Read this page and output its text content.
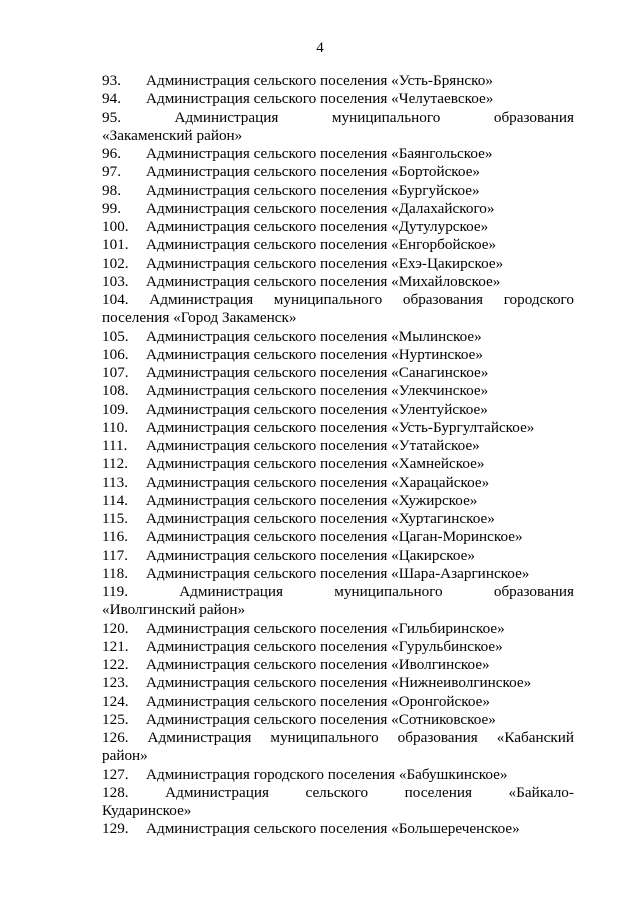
4
93. Администрация сельского поселения «Усть-Брянско»
94. Администрация сельского поселения «Челутаевское»
95.	Администрация	муниципального	образования
«Закаменский район»
96. Администрация сельского поселения «Баянгольское»
97. Администрация сельского поселения «Бортойское»
98. Администрация сельского поселения «Бургуйское»
99. Администрация сельского поселения «Далахайского»
100. Администрация сельского поселения «Дутулурское»
101. Администрация сельского поселения «Енгорбойское»
102. Администрация сельского поселения «Ехэ-Цакирское»
103. Администрация сельского поселения «Михайловское»
104. Администрация муниципального образования городского
поселения «Город Закаменск»
105. Администрация сельского поселения «Мылинское»
106. Администрация сельского поселения «Нуртинское»
107. Администрация сельского поселения «Санагинское»
108. Администрация сельского поселения «Улекчинское»
109. Администрация сельского поселения «Улентуйское»
110. Администрация сельского поселения «Усть-Бургултайское»
111. Администрация сельского поселения «Утатайское»
112. Администрация сельского поселения «Хамнейское»
113. Администрация сельского поселения «Харацайское»
114. Администрация сельского поселения «Хужирское»
115. Администрация сельского поселения «Хуртагинское»
116. Администрация сельского поселения «Цаган-Моринское»
117. Администрация сельского поселения «Цакирское»
118. Администрация сельского поселения «Шара-Азаргинское»
119.	Администрация	муниципального	образования
«Иволгинский район»
120. Администрация сельского поселения «Гильбиринское»
121. Администрация сельского поселения «Гурульбинское»
122. Администрация сельского поселения «Иволгинское»
123. Администрация сельского поселения «Нижнеиволгинское»
124. Администрация сельского поселения «Оронгойское»
125. Администрация сельского поселения «Сотниковское»
126. Администрация муниципального образования «Кабанский
район»
127. Администрация городского поселения «Бабушкинское»
128. Администрация сельского поселения «Байкало-
Кударинское»
129. Администрация сельского поселения «Большереченское»
